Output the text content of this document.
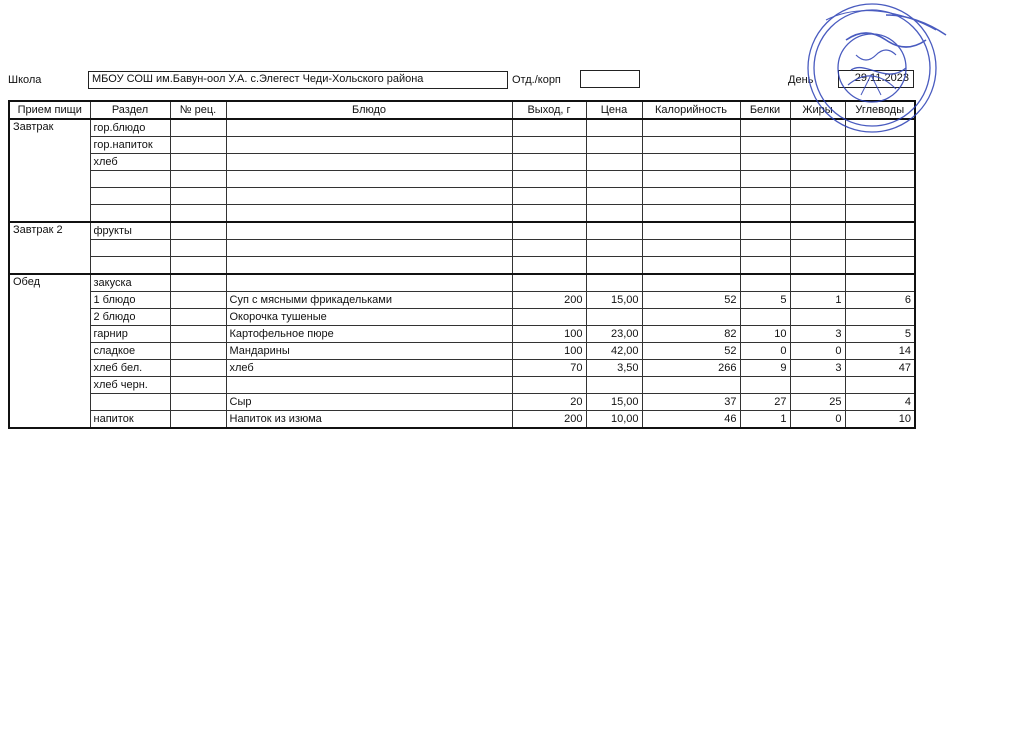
Школа	МБОУ СОШ им.Бавун-оол У.А. с.Элегест Чеди-Хольского района	Отд./корп	День	29.11.2023
Прием пищи	Раздел	№ рец.	Блюдо	Выход, г	Цена	Калорийность	Белки	Жиры	Углеводы
Завтрак	гор.блюдо								
	гор.напиток								
	хлеб								

Завтрак 2	фрукты								

Обед	закуска								
	1 блюдо		Суп с мясными фрикадельками	200	15,00	52	5	1	6
	2 блюдо		Окорочка тушеные						
	гарнир		Картофельное пюре	100	23,00	82	10	3	5
	сладкое		Мандарины	100	42,00	52	0	0	14
	хлеб бел.		хлеб	70	3,50	266	9	3	47
	хлеб черн.								
			Сыр	20	15,00	37	27	25	4
	напиток		Напиток из изюма	200	10,00	46	1	0	10
